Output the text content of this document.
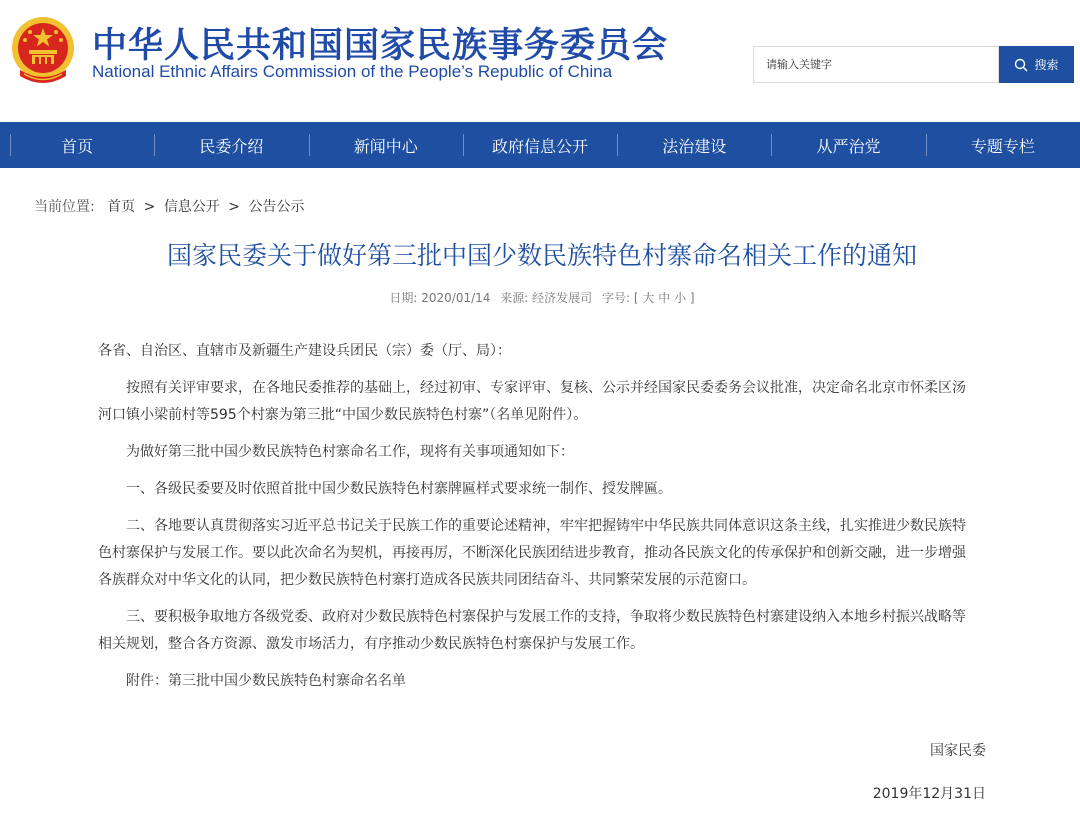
中华人民共和国国家民族事务委员会
National Ethnic Affairs Commission of the People’s Republic of China
请输入关键字	搜索
首页	民委介绍	新闻中心	政府信息公开	法治建设	从严治党	专题专栏
当前位置: 首页 > 信息公开 > 公告公示
国家民委关于做好第三批中国少数民族特色村寨命名相关工作的通知
日期: 2020/01/14 来源: 经济发展司 字号: [ 大 中 小 ]

各省、自治区、直辖市及新疆生产建设兵团民（宗）委（厅、局）：

按照有关评审要求，在各地民委推荐的基础上，经过初审、专家评审、复核、公示并经国家民委委务会议批准，决定命名北京市怀柔区汤河口镇小梁前村等595个村寨为第三批“中国少数民族特色村寨”（名单见附件）。

为做好第三批中国少数民族特色村寨命名工作，现将有关事项通知如下：

一、各级民委要及时依照首批中国少数民族特色村寨牌匾样式要求统一制作、授发牌匾。

二、各地要认真贯彻落实习近平总书记关于民族工作的重要论述精神，牢牢把握铸牢中华民族共同体意识这条主线，扎实推进少数民族特色村寨保护与发展工作。要以此次命名为契机，再接再厉，不断深化民族团结进步教育，推动各民族文化的传承保护和创新交融，进一步增强各族群众对中华文化的认同，把少数民族特色村寨打造成各民族共同团结奋斗、共同繁荣发展的示范窗口。

三、要积极争取地方各级党委、政府对少数民族特色村寨保护与发展工作的支持，争取将少数民族特色村寨建设纳入本地乡村振兴战略等相关规划，整合各方资源、激发市场活力，有序推动少数民族特色村寨保护与发展工作。

附件：第三批中国少数民族特色村寨命名名单

国家民委
2019年12月31日
